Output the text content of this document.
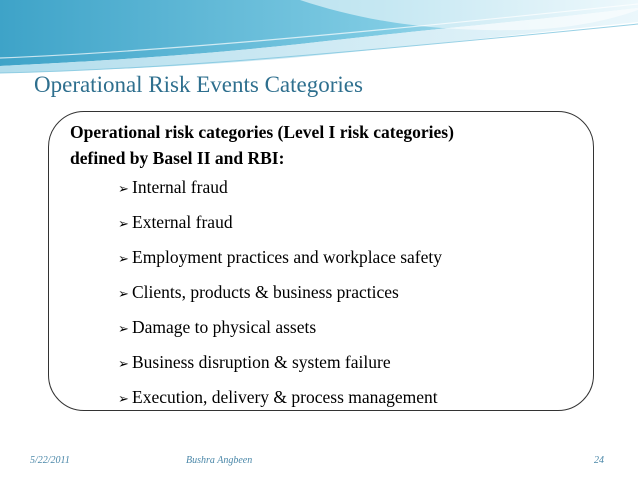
Operational Risk Events Categories
Operational risk categories (Level I risk categories) defined by Basel II and RBI:
➢ Internal fraud
➢ External fraud
➢ Employment practices and workplace safety
➢ Clients, products & business practices
➢ Damage to physical assets
➢ Business disruption & system failure
➢ Execution, delivery & process management
5/22/2011	Bushra Angbeen	24
